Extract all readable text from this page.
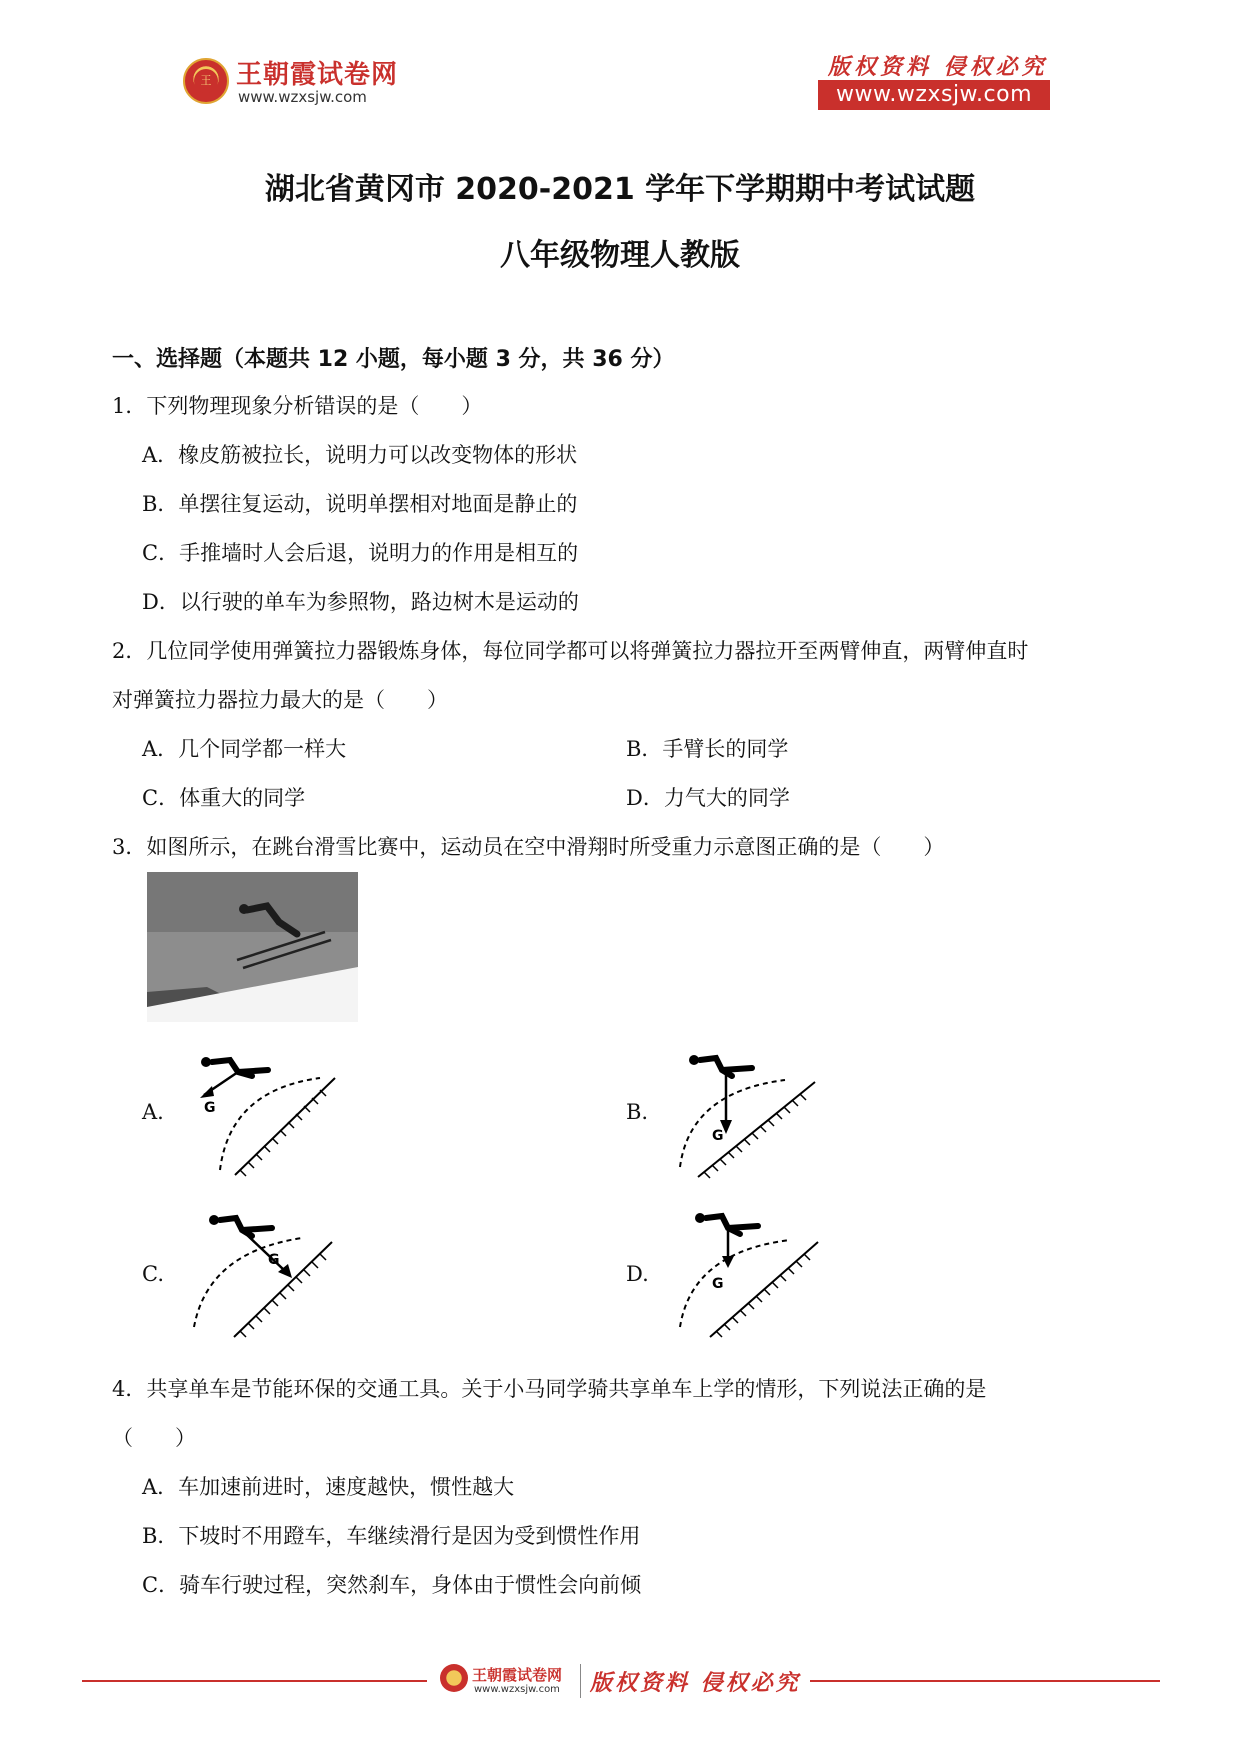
王 王朝霞试卷网
www.wzxsjw.com
版权资料 侵权必究
www.wzxsjw.com
湖北省黄冈市 2020-2021 学年下学期期中考试试题
八年级物理人教版
一、选择题（本题共 12 小题，每小题 3 分，共 36 分）
1．下列物理现象分析错误的是（　　）
A．橡皮筋被拉长，说明力可以改变物体的形状
B．单摆往复运动，说明单摆相对地面是静止的
C．手推墙时人会后退，说明力的作用是相互的
D．以行驶的单车为参照物，路边树木是运动的
2．几位同学使用弹簧拉力器锻炼身体，每位同学都可以将弹簧拉力器拉开至两臂伸直，两臂伸直时
对弹簧拉力器拉力最大的是（　　）
A．几个同学都一样大	B．手臂长的同学
C．体重大的同学	D．力气大的同学
3．如图所示，在跳台滑雪比赛中，运动员在空中滑翔时所受重力示意图正确的是（　　）
A.	G	B.
G
C.
G
D.	G
4．共享单车是节能环保的交通工具。关于小马同学骑共享单车上学的情形，下列说法正确的是
（　　）
A．车加速前进时，速度越快，惯性越大
B．下坡时不用蹬车，车继续滑行是因为受到惯性作用
C．骑车行驶过程，突然刹车，身体由于惯性会向前倾
王朝霞试卷网
www.wzxsjw.com 版权资料 侵权必究
